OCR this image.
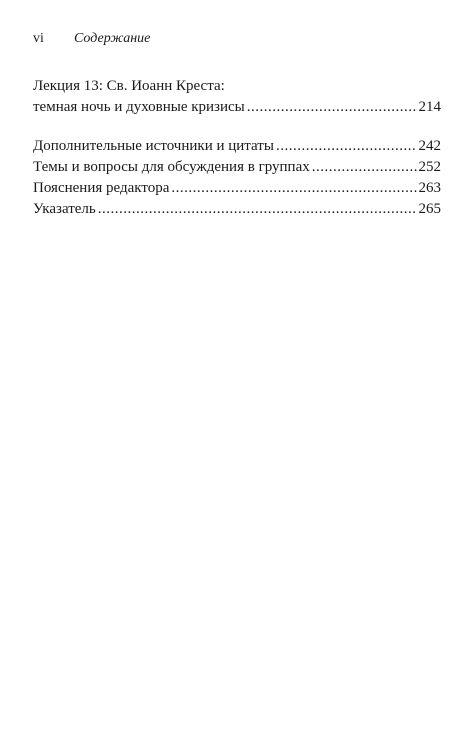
vi Содержание
Лекция 13: Св. Иоанн Креста:
темная ночь и духовные кризисы .....	214
Дополнительные источники и цитаты .....	242
Темы и вопросы для обсуждения в группах .....	252
Пояснения редактора .....	263
Указатель .....	265
